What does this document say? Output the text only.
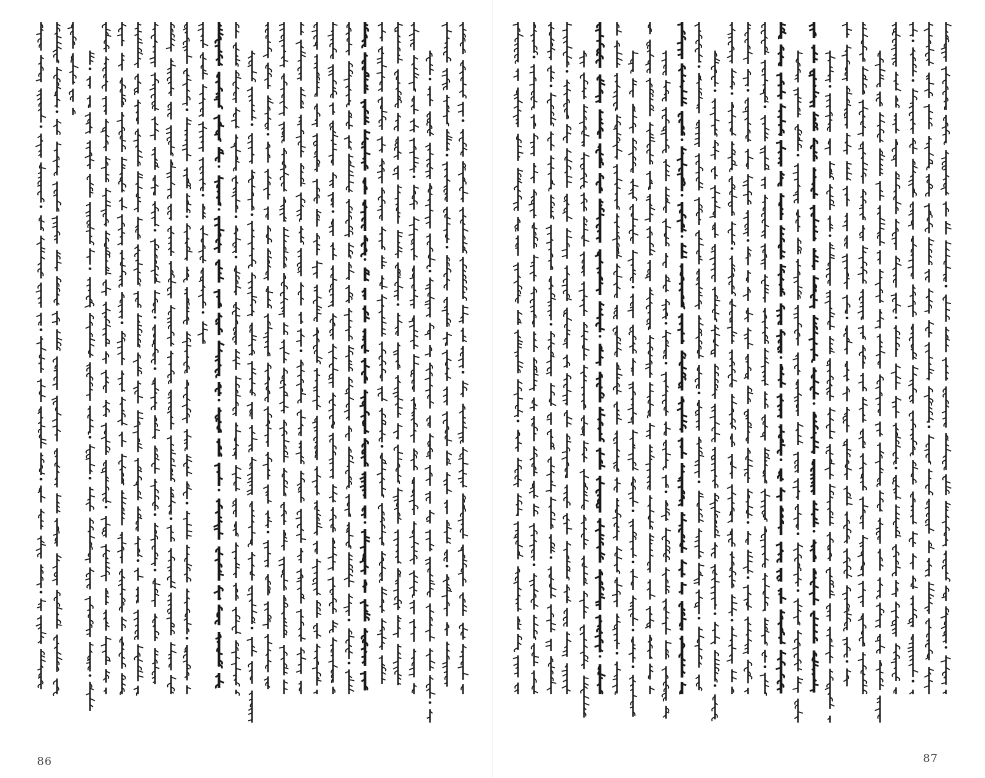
86	87
